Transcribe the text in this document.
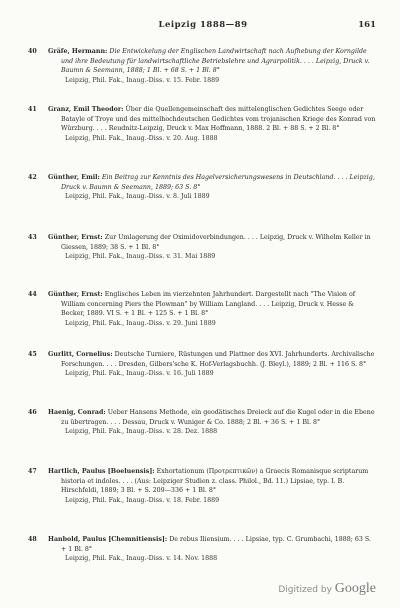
Leipzig 1888—89	161
40 Gräfe, Hermann: Die Entwickelung der Englischen Landwirtschaft nach Aufhebung der Korngilde und ihre Bedeutung für landwirtschaftliche Betriebslehre und Agrarpolitik. . . . Leipzig, Druck v. Baumn & Seemann, 1888; 1 Bl. + 68 S. + 1 Bl. 8°
Leipzig, Phil. Fak., Inaug.-Diss. v. 15. Febr. 1889
41 Granz, Emil Theodor: Über die Quellengemeinschaft des mittelenglischen Gedichtes Seege oder Batayle of Troye und des mittelhochdeutschen Gedichtes vom trojanischen Kriege des Konrad von Würzburg. . . . Reudnitz-Leipzig, Druck v. Max Hoffmann, 1888. 2 Bl. + 88 S. + 2 Bl. 8°
Leipzig, Phil. Fak., Inaug.-Diss. v. 20. Aug. 1888
42 Günther, Emil: Ein Beitrag zur Kenntnis des Hagelversicherungswesens in Deutschland. . . . Leipzig, Druck v. Baumn & Seemann, 1889; 63 S. 8°
Leipzig, Phil. Fak., Inaug.-Diss. v. 8. Juli 1889
43 Günther, Ernst: Zur Umlagerung der Oximidoverbindungen. . . . Leipzig, Druck v. Wilhelm Keller in Giessen, 1889; 38 S. + 1 Bl. 8°
Leipzig, Phil. Fak., Inaug.-Diss. v. 31. Mai 1889
44 Günther, Ernst: Englisches Leben im vierzehnten Jahrhundert. Dargestellt nach "The Vision of William concerning Piers the Plowman" by William Langland. . . . Leipzig, Druck v. Hesse & Becker, 1889. VI S. + 1 Bl. + 125 S. + 1 Bl. 8°
Leipzig, Phil. Fak., Inaug.-Diss. v. 29. Juni 1889
45 Gurlitt, Cornelius: Deutsche Turniere, Rüstungen und Plattner des XVI. Jahrhunderts. Archivalische Forschungen. . . . Dresden, Gilbers'sche K. Hof-Verlagsbuchh. (J. Bleyl.), 1889; 2 Bl. + 116 S. 8°
Leipzig, Phil. Fak., Inaug.-Diss. v. 16. Juli 1889
46 Haenig, Conrad: Ueber Hansens Methode, ein geodätisches Dreieck auf die Kugel oder in die Ebene zu übertragen. . . . Dessau, Druck v. Wuniger & Co. 1888; 2 Bl. + 36 S. + 1 Bl. 8°
Leipzig, Phil. Fak., Inaug.-Diss. v. 28. Dez. 1888
47 Hartlich, Paulus [Boeluensis]: Exhortationum (Προτρεπτικῶν) a Graecis Romanisque scriptarum historia et indoles. . . . (Aus: Leipziger Studien z. class. Philol., Bd. 11.) Lipsiae, typ. I. B. Hirschfeldi, 1889; 3 Bl. + S. 209—336 + 1 Bl. 8°
Leipzig, Phil. Fak., Inaug.-Diss. v. 18. Febr. 1889
48 Hanbold, Paulus [Chemnitiensis]: De rebus Iliensium. . . . Lipsiae, typ. C. Grumbachi, 1888; 63 S. + 1 Bl. 8°
Leipzig, Phil. Fak., Inaug.-Diss. v. 14. Nov. 1888
Digitized by Google
